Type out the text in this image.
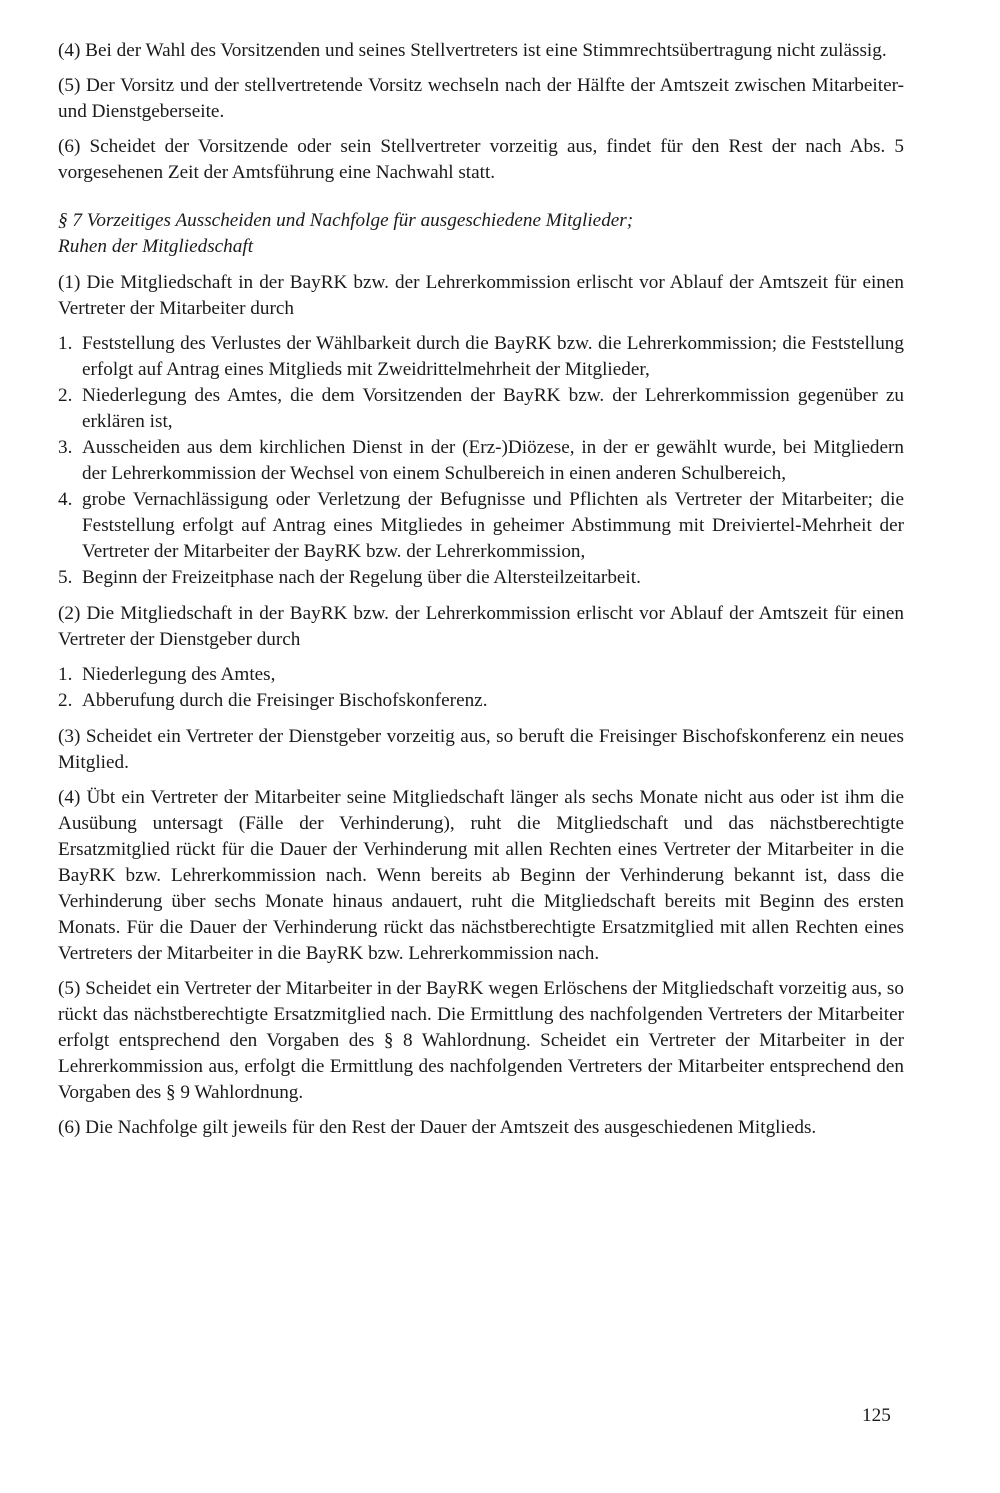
(4) Bei der Wahl des Vorsitzenden und seines Stellvertreters ist eine Stimmrechtsübertragung nicht zulässig.

(5) Der Vorsitz und der stellvertretende Vorsitz wechseln nach der Hälfte der Amtszeit zwischen Mitarbeiter- und Dienstgeberseite.

(6) Scheidet der Vorsitzende oder sein Stellvertreter vorzeitig aus, findet für den Rest der nach Abs. 5 vorgesehenen Zeit der Amtsführung eine Nachwahl statt.

§ 7 Vorzeitiges Ausscheiden und Nachfolge für ausgeschiedene Mitglieder;
Ruhen der Mitgliedschaft

(1) Die Mitgliedschaft in der BayRK bzw. der Lehrerkommission erlischt vor Ablauf der Amtszeit für einen Vertreter der Mitarbeiter durch

1. Feststellung des Verlustes der Wählbarkeit durch die BayRK bzw. die Lehrerkommission; die Feststellung erfolgt auf Antrag eines Mitglieds mit Zweidrittelmehrheit der Mitglieder,
2. Niederlegung des Amtes, die dem Vorsitzenden der BayRK bzw. der Lehrerkommission gegenüber zu erklären ist,
3. Ausscheiden aus dem kirchlichen Dienst in der (Erz-)Diözese, in der er gewählt wurde, bei Mitgliedern der Lehrerkommission der Wechsel von einem Schulbereich in einen anderen Schulbereich,
4. grobe Vernachlässigung oder Verletzung der Befugnisse und Pflichten als Vertreter der Mitarbeiter; die Feststellung erfolgt auf Antrag eines Mitgliedes in geheimer Abstimmung mit Dreiviertel-Mehrheit der Vertreter der Mitarbeiter der BayRK bzw. der Lehrerkommission,
5. Beginn der Freizeitphase nach der Regelung über die Altersteilzeitarbeit.

(2) Die Mitgliedschaft in der BayRK bzw. der Lehrerkommission erlischt vor Ablauf der Amtszeit für einen Vertreter der Dienstgeber durch

1. Niederlegung des Amtes,
2. Abberufung durch die Freisinger Bischofskonferenz.

(3) Scheidet ein Vertreter der Dienstgeber vorzeitig aus, so beruft die Freisinger Bischofskonferenz ein neues Mitglied.

(4) Übt ein Vertreter der Mitarbeiter seine Mitgliedschaft länger als sechs Monate nicht aus oder ist ihm die Ausübung untersagt (Fälle der Verhinderung), ruht die Mitgliedschaft und das nächstberechtigte Ersatzmitglied rückt für die Dauer der Verhinderung mit allen Rechten eines Vertreter der Mitarbeiter in die BayRK bzw. Lehrerkommission nach. Wenn bereits ab Beginn der Verhinderung bekannt ist, dass die Verhinderung über sechs Monate hinaus andauert, ruht die Mitgliedschaft bereits mit Beginn des ersten Monats. Für die Dauer der Verhinderung rückt das nächstberechtigte Ersatzmitglied mit allen Rechten eines Vertreters der Mitarbeiter in die BayRK bzw. Lehrerkommission nach.

(5) Scheidet ein Vertreter der Mitarbeiter in der BayRK wegen Erlöschens der Mitgliedschaft vorzeitig aus, so rückt das nächstberechtigte Ersatzmitglied nach. Die Ermittlung des nachfolgenden Vertreters der Mitarbeiter erfolgt entsprechend den Vorgaben des § 8 Wahlordnung. Scheidet ein Vertreter der Mitarbeiter in der Lehrerkommission aus, erfolgt die Ermittlung des nachfolgenden Vertreters der Mitarbeiter entsprechend den Vorgaben des § 9 Wahlordnung.

(6) Die Nachfolge gilt jeweils für den Rest der Dauer der Amtszeit des ausgeschiedenen Mitglieds.

125
